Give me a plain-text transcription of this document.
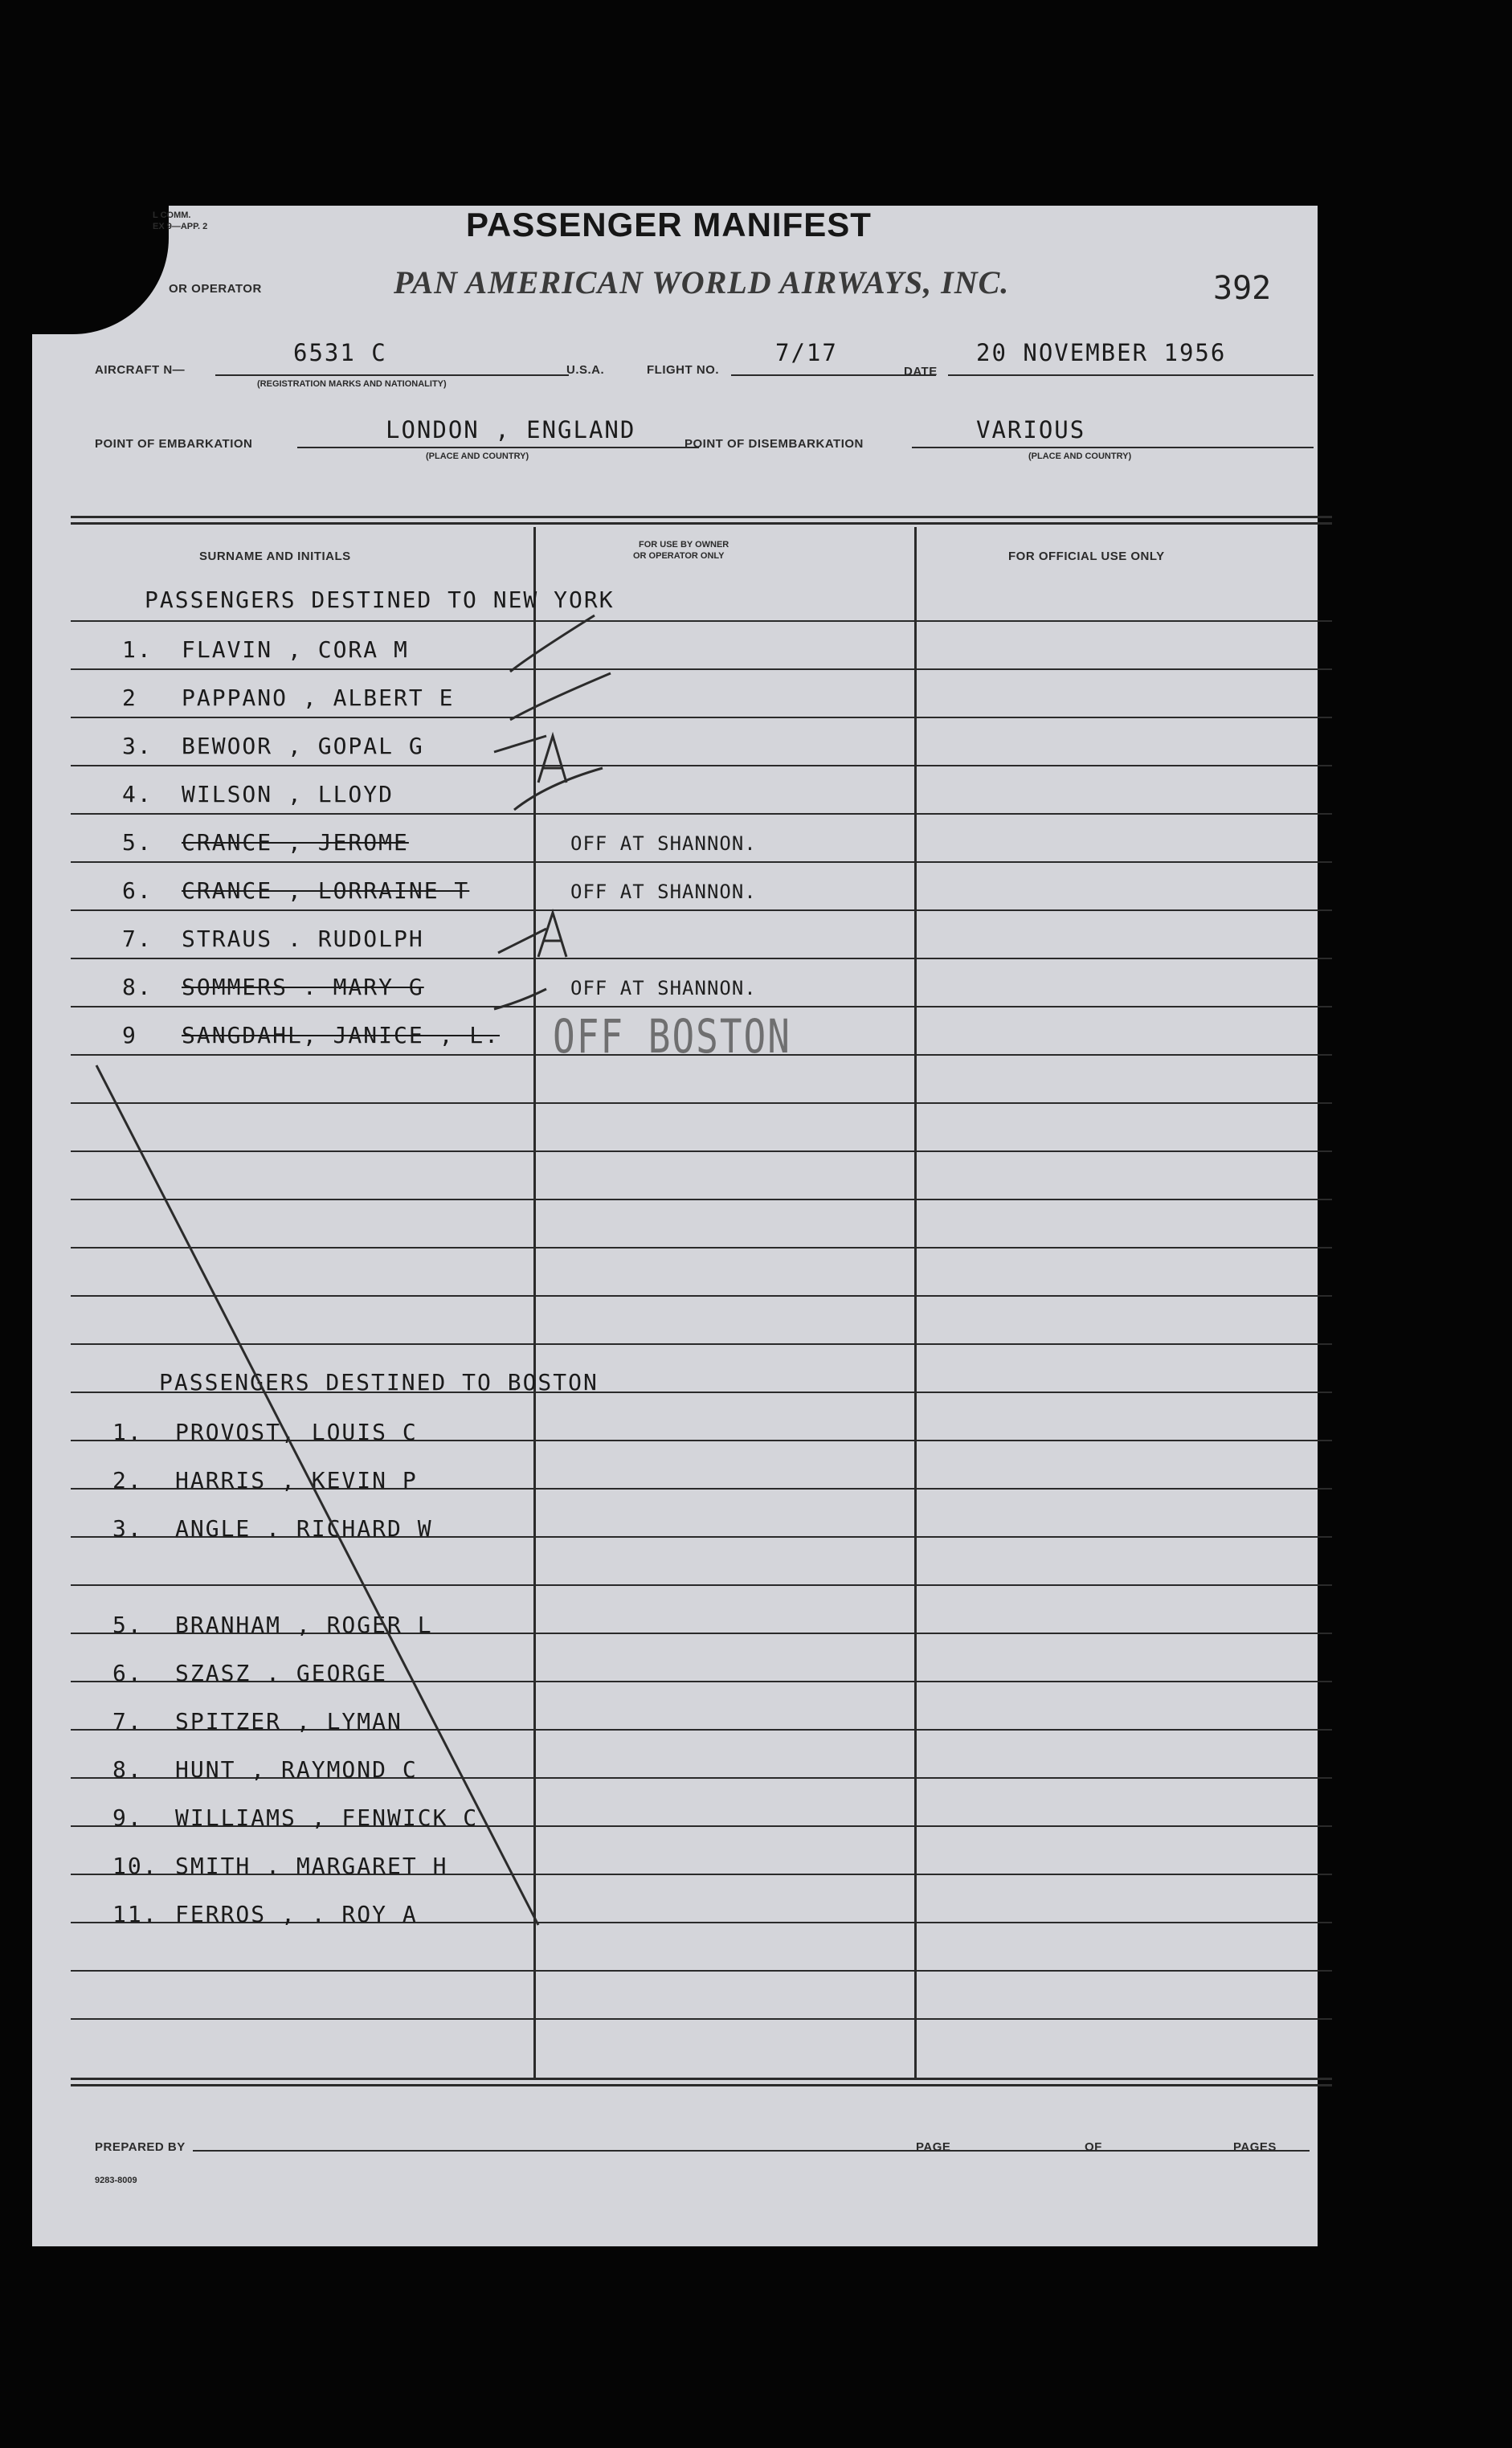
L COMM.
EX 9—APP. 2
OR OPERATOR
PASSENGER MANIFEST
PAN AMERICAN WORLD AIRWAYS, INC.	392
AIRCRAFT N—
6531 C
(REGISTRATION MARKS AND NATIONALITY)
U.S.A.	FLIGHT NO.
7/17
DATE
20 NOVEMBER 1956
POINT OF EMBARKATION
LONDON , ENGLAND
(PLACE AND COUNTRY)
POINT OF DISEMBARKATION
VARIOUS
(PLACE AND COUNTRY)
SURNAME AND INITIALS
FOR USE BY OWNER
OR OPERATOR ONLY	FOR OFFICIAL USE ONLY
PASSENGERS DESTINED TO NEW YORK
1. FLAVIN , CORA M
2 PAPPANO , ALBERT E
3. BEWOOR , GOPAL G
4. WILSON , LLOYD
5. CRANCE , JEROME	OFF AT SHANNON.
6. CRANCE , LORRAINE T	OFF AT SHANNON.
7. STRAUS . RUDOLPH
8. SOMMERS . MARY G	OFF AT SHANNON.
9 SANGDAHL, JANICE , L. OFF BOSTON
PASSENGERS DESTINED TO BOSTON
1. PROVOST, LOUIS C
2. HARRIS , KEVIN P
3. ANGLE . RICHARD W
5. BRANHAM , ROGER L
6. SZASZ . GEORGE
7. SPITZER , LYMAN
8. HUNT , RAYMOND C
9. WILLIAMS , FENWICK C
10. SMITH . MARGARET H
11. FERROS , . ROY A
PREPARED BY
9283-8009
PAGE	OF	PAGES
